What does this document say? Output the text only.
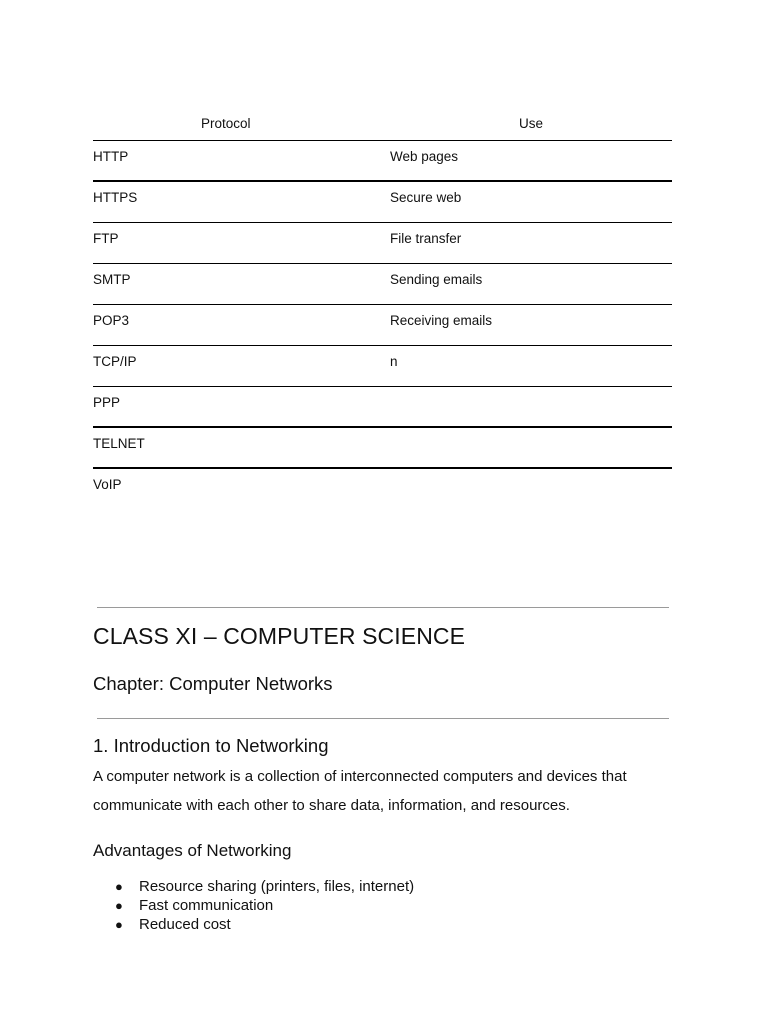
Protocol	Use
HTTP	Web pages
HTTPS	Secure web
FTP	File transfer
SMTP	Sending emails
POP3	Receiving emails
TCP/IP	n
PPP
TELNET
VoIP
CLASS XI – COMPUTER SCIENCE
Chapter: Computer Networks
1. Introduction to Networking

A computer network is a collection of interconnected computers and devices that communicate with each other to share data, information, and resources.

Advantages of Networking
● Resource sharing (printers, files, internet)
● Fast communication
● Reduced cost
